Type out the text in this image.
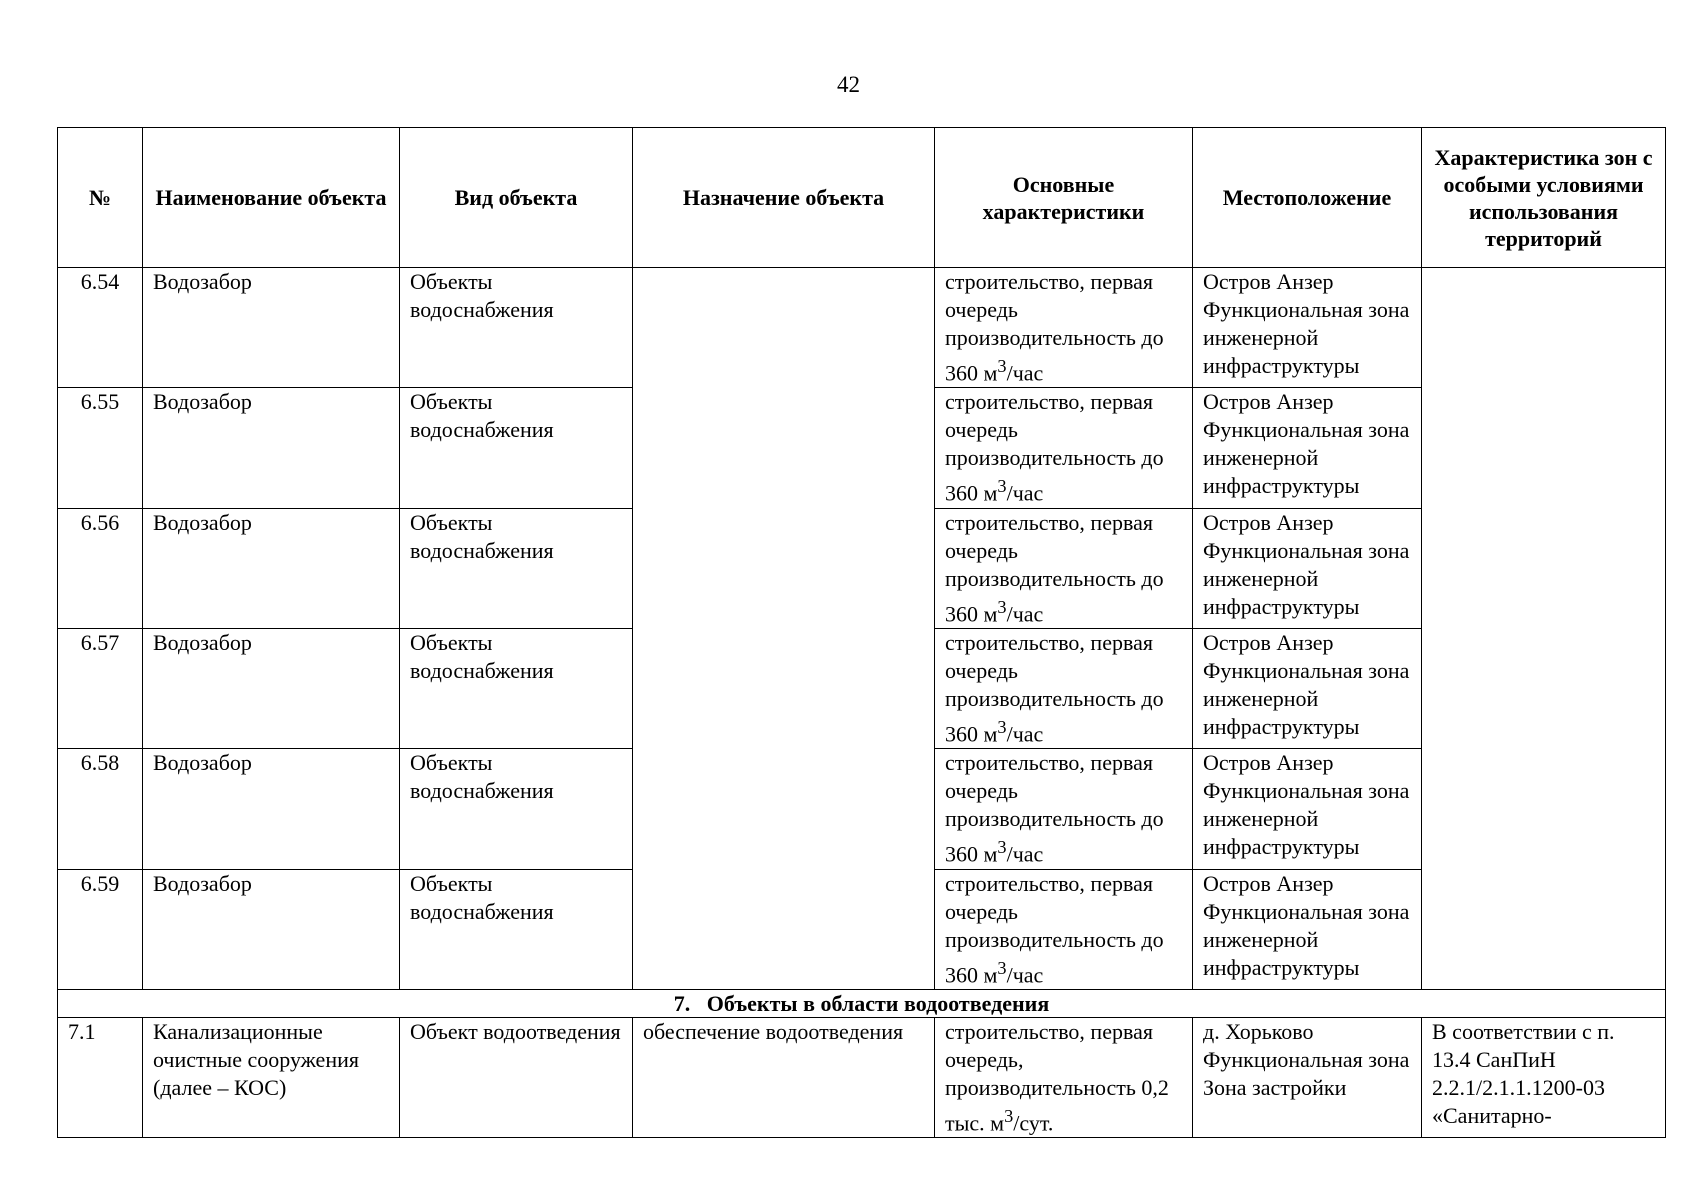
42
№	Наименование объекта	Вид объекта	Назначение объекта	Основные характеристики	Местоположение	Характеристика зон с особыми условиями использования территорий
6.54	Водозабор	Объекты водоснабжения		строительство, первая очередь производительность до 360 $м^3$/час	Остров Анзер Функциональная зона инженерной инфраструктуры	
6.55	Водозабор	Объекты водоснабжения		строительство, первая очередь производительность до 360 $м^3$/час	Остров Анзер Функциональная зона инженерной инфраструктуры	
6.56	Водозабор	Объекты водоснабжения		строительство, первая очередь производительность до 360 $м^3$/час	Остров Анзер Функциональная зона инженерной инфраструктуры	
6.57	Водозабор	Объекты водоснабжения		строительство, первая очередь производительность до 360 $м^3$/час	Остров Анзер Функциональная зона инженерной инфраструктуры	
6.58	Водозабор	Объекты водоснабжения		строительство, первая очередь производительность до 360 $м^3$/час	Остров Анзер Функциональная зона инженерной инфраструктуры	
6.59	Водозабор	Объекты водоснабжения		строительство, первая очередь производительность до 360 $м^3$/час	Остров Анзер Функциональная зона инженерной инфраструктуры	
7.   Объекты в области водоотведения						
7.1	Канализационные очистные сооружения (далее – КОС)	Объект водоотведения	обеспечение водоотведения	строительство, первая очередь, производительность 0,2 тыс. $м^3$/сут.	д. Хорьково Функциональная зона Зона застройки	В соответствии с п. 13.4 СанПиН 2.2.1/2.1.1.1200-03 «Санитарно-
